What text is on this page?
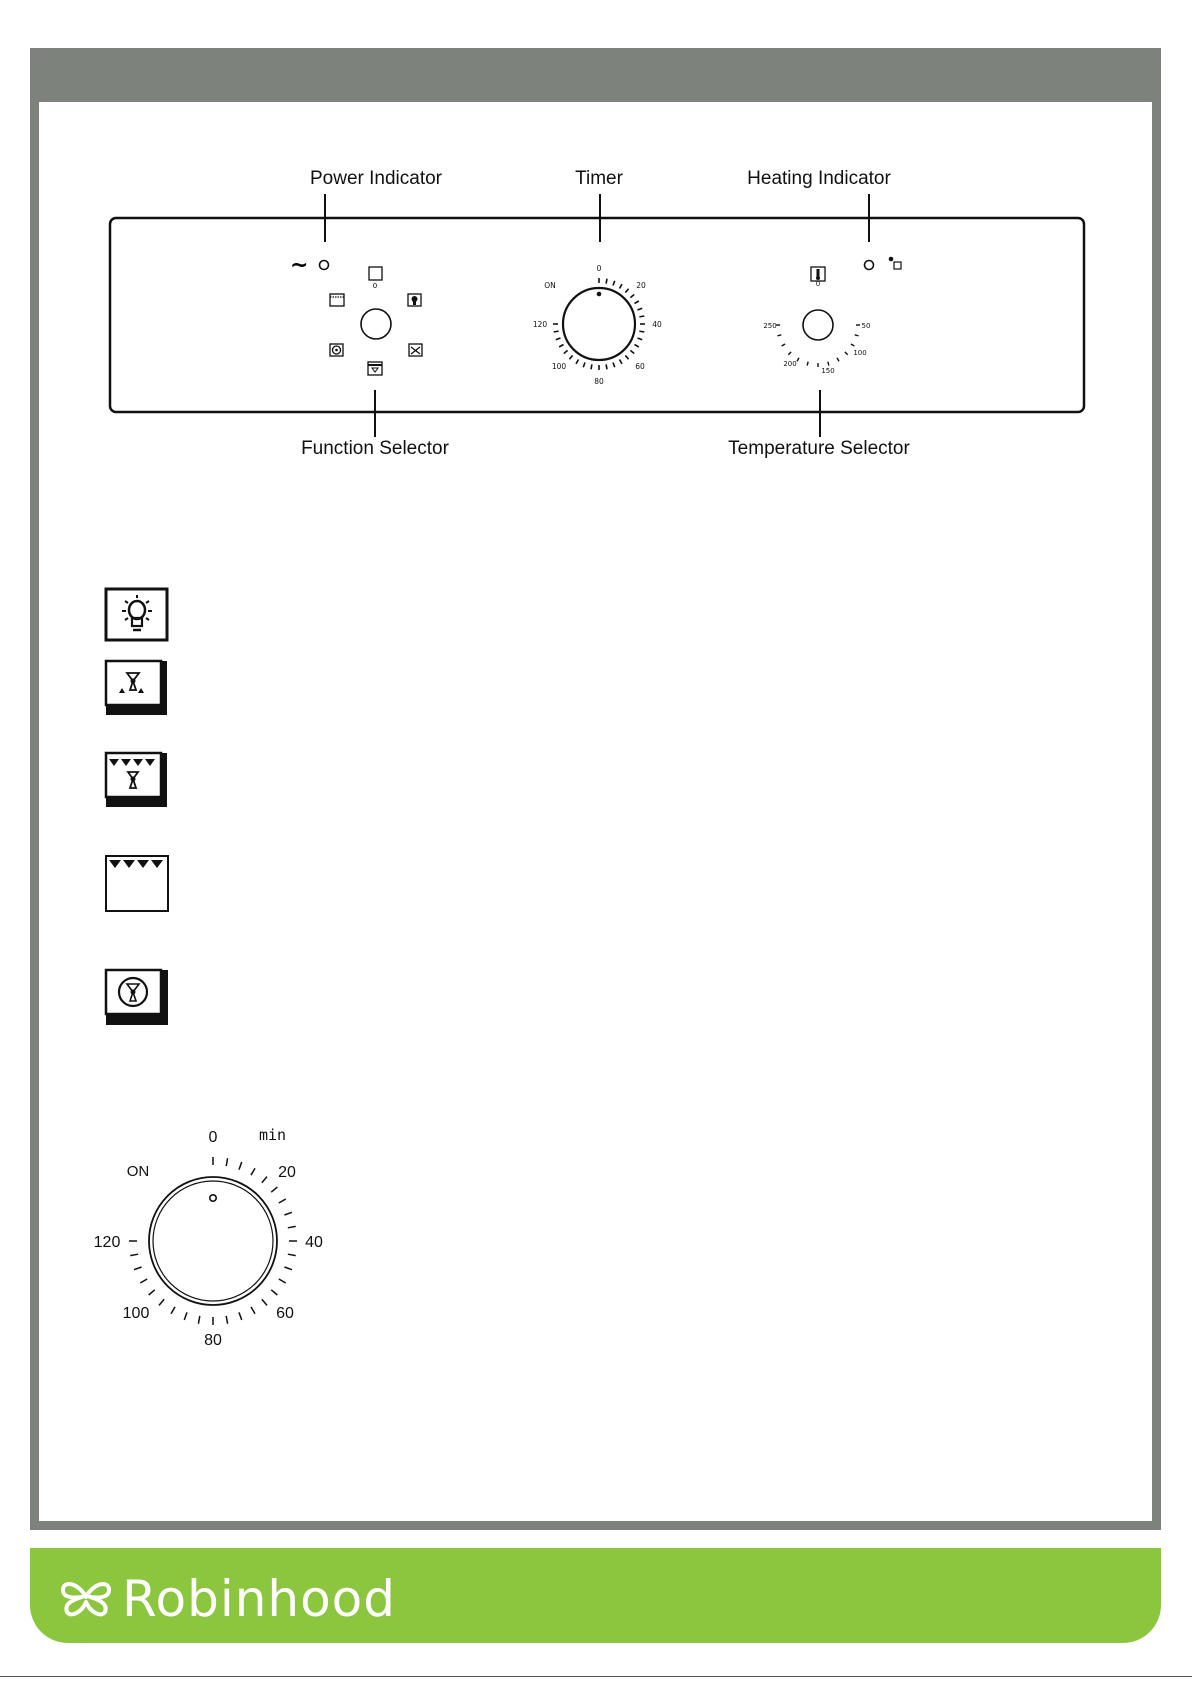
~
0	ON
0
20
40
60
80
100
120
0
50
100
150
200
250
Power Indicator	Timer	Heating Indicator
Function Selector	Temperature Selector
min
ON
0
20
40
60
80
100
120
Robinhood
